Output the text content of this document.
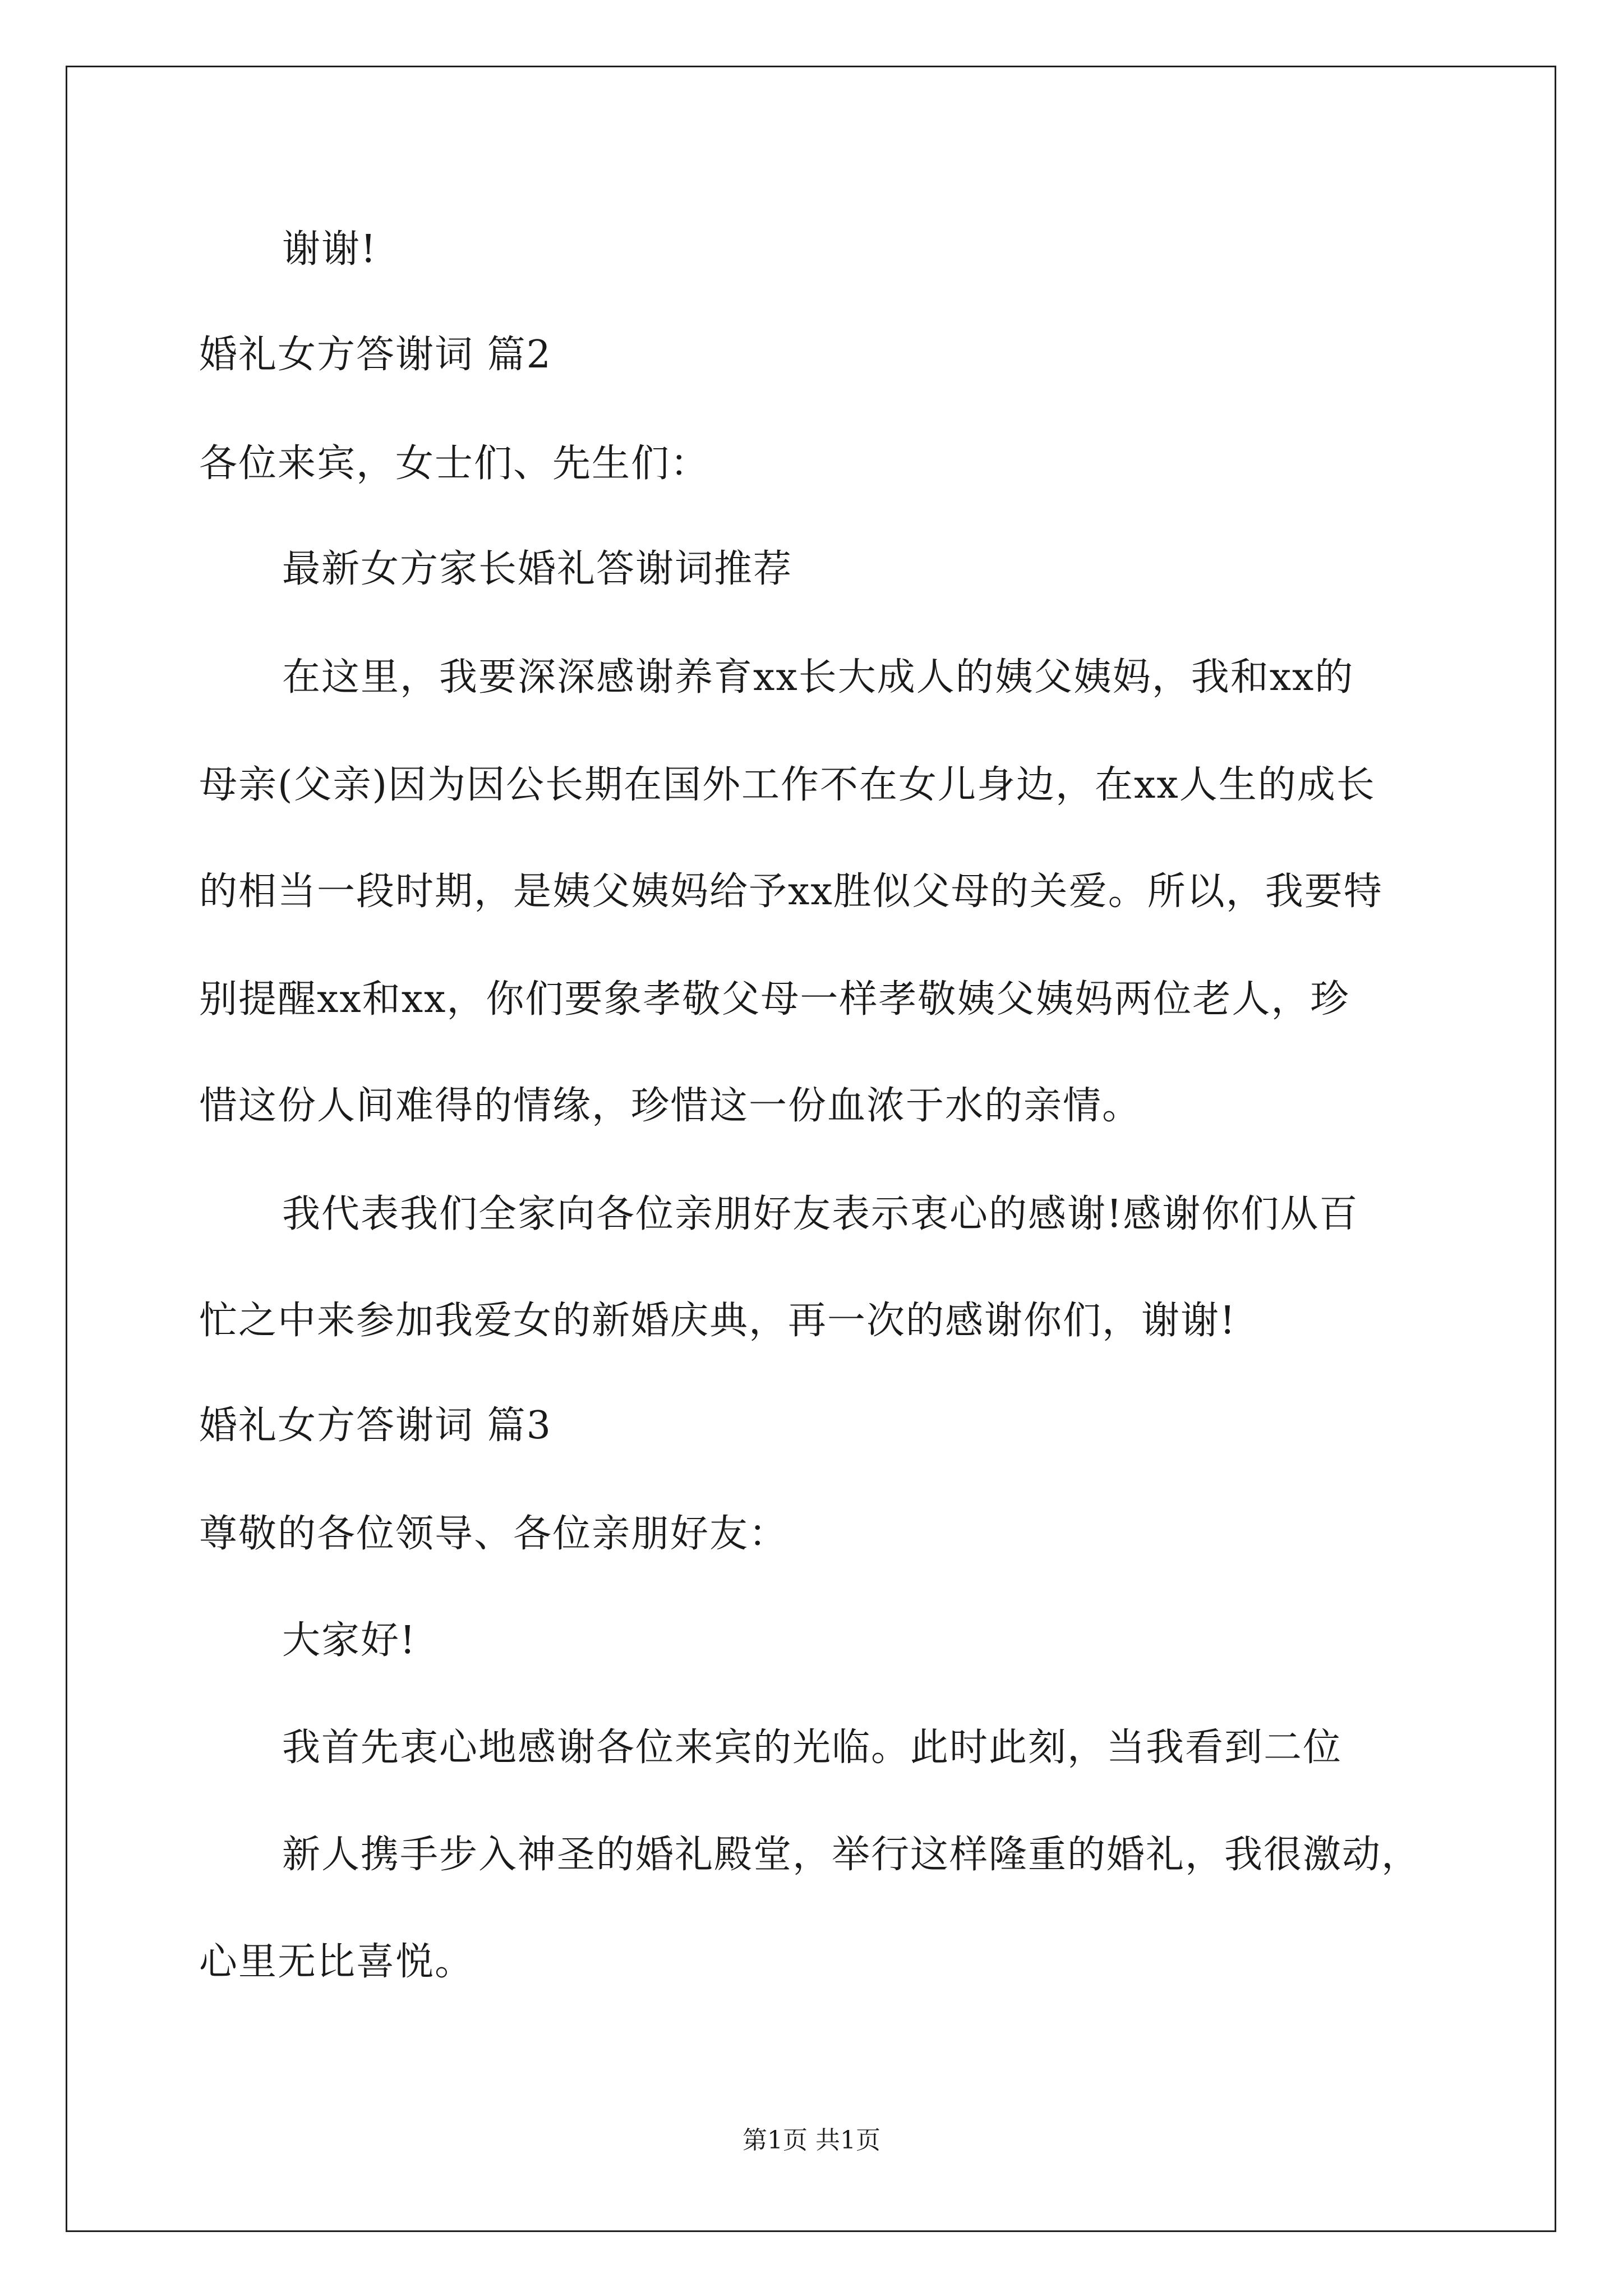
谢谢!
婚礼女方答谢词 篇2
各位来宾，女士们、先生们：
最新女方家长婚礼答谢词推荐
在这里，我要深深感谢养育xx长大成人的姨父姨妈，我和xx的
母亲(父亲)因为因公长期在国外工作不在女儿身边，在xx人生的成长
的相当一段时期，是姨父姨妈给予xx胜似父母的关爱。所以，我要特
别提醒xx和xx，你们要象孝敬父母一样孝敬姨父姨妈两位老人，珍
惜这份人间难得的情缘，珍惜这一份血浓于水的亲情。
我代表我们全家向各位亲朋好友表示衷心的感谢!感谢你们从百
忙之中来参加我爱女的新婚庆典，再一次的感谢你们，谢谢!
婚礼女方答谢词 篇3
尊敬的各位领导、各位亲朋好友：
大家好!
我首先衷心地感谢各位来宾的光临。此时此刻，当我看到二位
新人携手步入神圣的婚礼殿堂，举行这样隆重的婚礼，我很激动，
心里无比喜悦。
第1页 共1页
